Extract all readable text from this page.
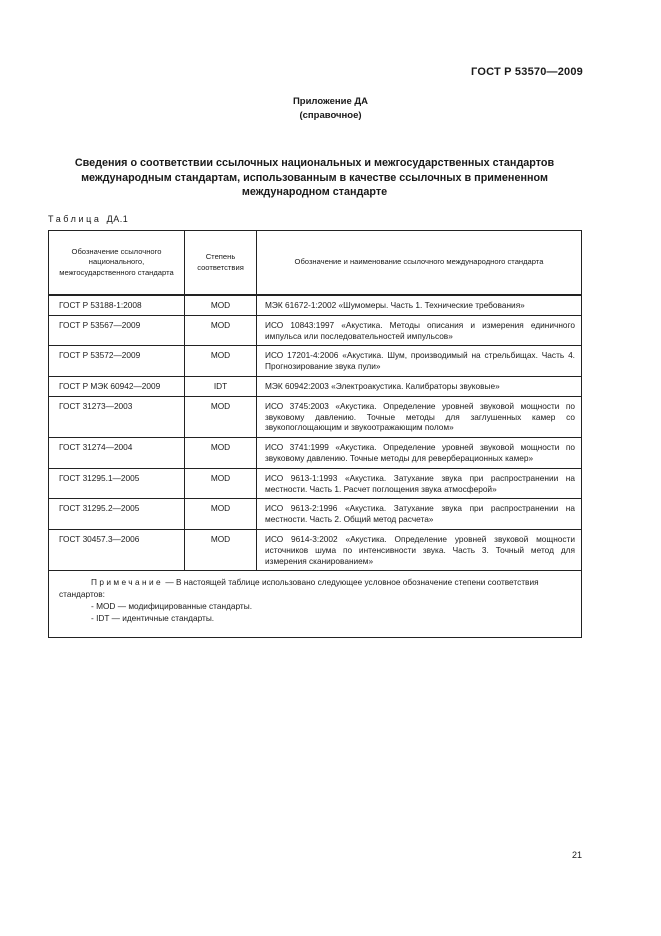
ГОСТ Р 53570—2009
Приложение ДА
(справочное)
Сведения о соответствии ссылочных национальных и межгосударственных стандартов
международным стандартам, использованным в качестве ссылочных в примененном
международном стандарте
Таблица ДА.1
Обозначение ссылочного национального, межгосударственного стандарта	Степень соответствия	Обозначение и наименование ссылочного международного стандарта
ГОСТ Р 53188-1:2008	MOD	МЭК 61672-1:2002 «Шумомеры. Часть 1. Технические требования»
ГОСТ Р 53567—2009	MOD	ИСО 10843:1997 «Акустика. Методы описания и измерения единичного импульса или последовательностей импульсов»
ГОСТ Р 53572—2009	MOD	ИСО 17201-4:2006 «Акустика. Шум, производимый на стрельбищах. Часть 4. Прогнозирование звука пули»
ГОСТ Р МЭК 60942—2009	IDT	МЭК 60942:2003 «Электроакустика. Калибраторы звуковые»
ГОСТ 31273—2003	MOD	ИСО 3745:2003 «Акустика. Определение уровней звуковой мощности по звуковому давлению. Точные методы для заглушенных камер со звукопоглощающим и звукоотражающим полом»
ГОСТ 31274—2004	MOD	ИСО 3741:1999 «Акустика. Определение уровней звуковой мощности по звуковому давлению. Точные методы для реверберационных камер»
ГОСТ 31295.1—2005	MOD	ИСО 9613-1:1993 «Акустика. Затухание звука при распространении на местности. Часть 1. Расчет поглощения звука атмосферой»
ГОСТ 31295.2—2005	MOD	ИСО 9613-2:1996 «Акустика. Затухание звука при распространении на местности. Часть 2. Общий метод расчета»
ГОСТ 30457.3—2006	MOD	ИСО 9614-3:2002 «Акустика. Определение уровней звуковой мощности источников шума по интенсивности звука. Часть 3. Точный метод для измерения сканированием»

Примечание — В настоящей таблице использовано следующее условное обозначение степени соответствия стандартов:
- MOD — модифицированные стандарты.
- IDT — идентичные стандарты.		
21
